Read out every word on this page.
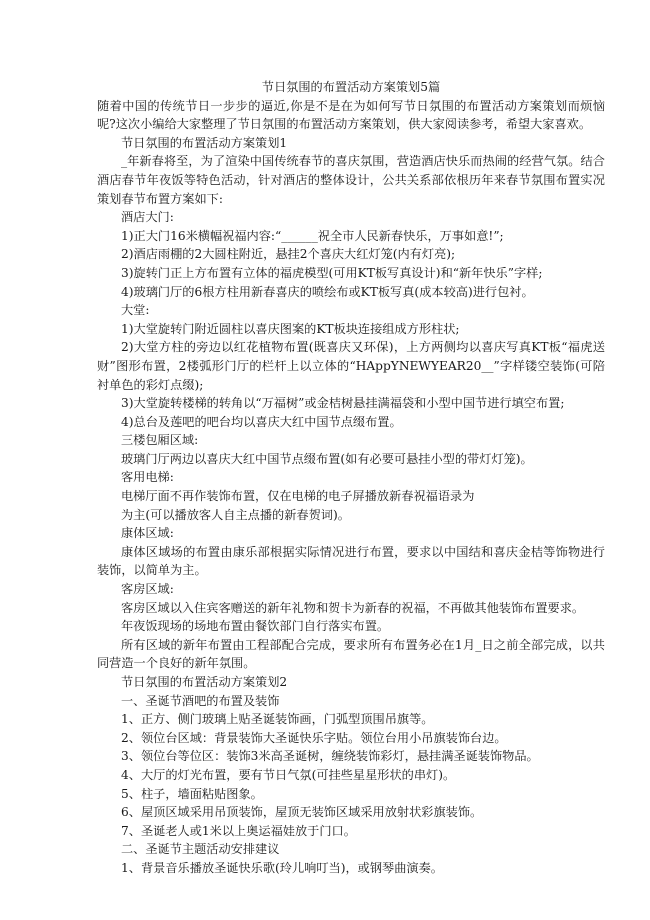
节日氛围的布置活动方案策划5篇

随着中国的传统节日一步步的逼近,你是不是在为如何写节日氛围的布置活动方案策划而烦恼呢?这次小编给大家整理了节日氛围的布置活动方案策划，供大家阅读参考，希望大家喜欢。

节日氛围的布置活动方案策划1

_年新春将至，为了渲染中国传统春节的喜庆氛围，营造酒店快乐而热闹的经营气氛。结合酒店春节年夜饭等特色活动，针对酒店的整体设计，公共关系部依根历年来春节氛围布置实况策划春节布置方案如下:

酒店大门:

1)正大门16米横幅祝福内容:“______祝全市人民新春快乐，万事如意!”;

2)酒店雨棚的2大圆柱附近，悬挂2个喜庆大红灯笼(内有灯亮);

3)旋转门正上方布置有立体的福虎模型(可用KT板写真设计)和“新年快乐”字样;

4)玻璃门厅的6根方柱用新春喜庆的喷绘布或KT板写真(成本较高)进行包衬。

大堂:

1)大堂旋转门附近圆柱以喜庆图案的KT板块连接组成方形柱状;

2)大堂方柱的旁边以红花植物布置(既喜庆又环保)，上方两侧均以喜庆写真KT板“福虎送财”图形布置，2楼弧形门厅的栏杆上以立体的“HAppYNEWYEAR20__”字样镂空装饰(可陪衬单色的彩灯点缀);

3)大堂旋转楼梯的转角以“万福树”或金桔树悬挂满福袋和小型中国节进行填空布置;

4)总台及莲吧的吧台均以喜庆大红中国节点缀布置。

三楼包厢区域:

玻璃门厅两边以喜庆大红中国节点缀布置(如有必要可悬挂小型的带灯灯笼)。

客用电梯:

电梯厅面不再作装饰布置，仅在电梯的电子屏播放新春祝福语录为

为主(可以播放客人自主点播的新春贺词)。

康体区域:

康体区域场的布置由康乐部根据实际情况进行布置，要求以中国结和喜庆金桔等饰物进行装饰，以简单为主。

客房区域:

客房区域以入住宾客赠送的新年礼物和贺卡为新春的祝福，不再做其他装饰布置要求。

年夜饭现场的场地布置由餐饮部门自行落实布置。

所有区域的新年布置由工程部配合完成，要求所有布置务必在1月_日之前全部完成，以共同营造一个良好的新年氛围。

节日氛围的布置活动方案策划2

一、圣诞节酒吧的布置及装饰

1、正方、侧门玻璃上贴圣诞装饰画，门弧型顶围吊旗等。

2、领位台区域：背景装饰大圣诞快乐字贴。领位台用小吊旗装饰台边。

3、领位台等位区：装饰3米高圣诞树，缠绕装饰彩灯，悬挂满圣诞装饰物品。

4、大厅的灯光布置，要有节日气氛(可挂些星星形状的串灯)。

5、柱子，墙面粘贴图象。

6、屋顶区域采用吊顶装饰，屋顶无装饰区域采用放射状彩旗装饰。

7、圣诞老人或1米以上奥运福娃放于门口。

二、圣诞节主题活动安排建议

1、背景音乐播放圣诞快乐歌(玲儿响叮当)，或钢琴曲演奏。
